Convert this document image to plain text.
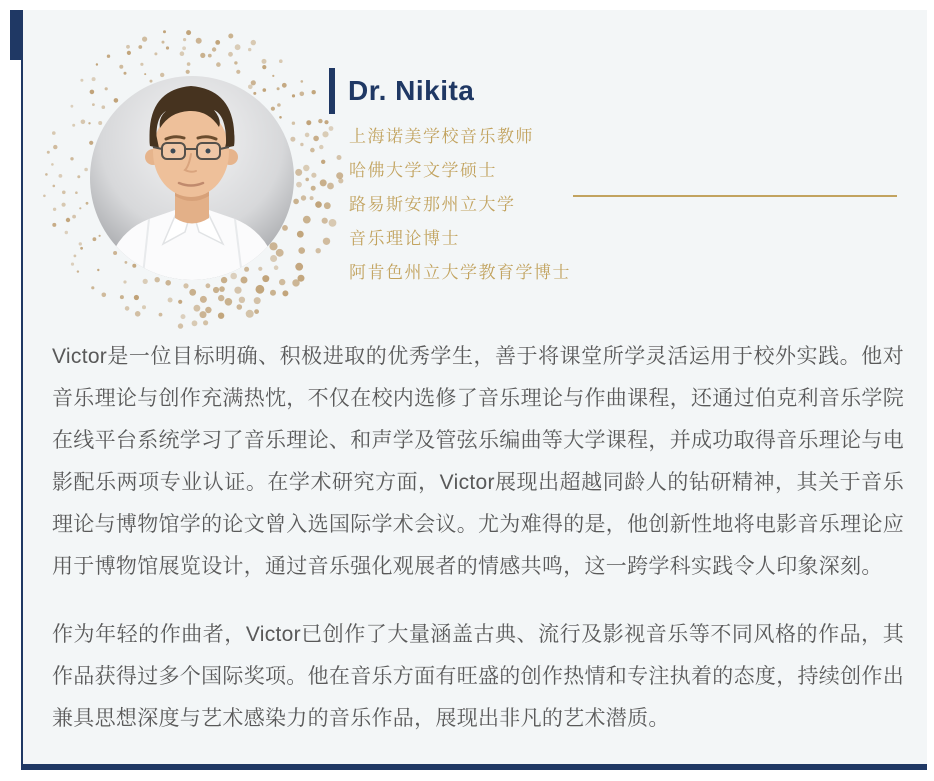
Dr. Nikita
上海诺美学校音乐教师
哈佛大学文学硕士
路易斯安那州立大学
音乐理论博士
阿肯色州立大学教育学博士

Victor是一位目标明确、积极进取的优秀学生，善于将课堂所学灵活运用于校外实践。他对音乐理论与创作充满热忱，不仅在校内选修了音乐理论与作曲课程，还通过伯克利音乐学院在线平台系统学习了音乐理论、和声学及管弦乐编曲等大学课程，并成功取得音乐理论与电影配乐两项专业认证。在学术研究方面，Victor展现出超越同龄人的钻研精神，其关于音乐理论与博物馆学的论文曾入选国际学术会议。尤为难得的是，他创新性地将电影音乐理论应用于博物馆展览设计，通过音乐强化观展者的情感共鸣，这一跨学科实践令人印象深刻。

作为年轻的作曲者，Victor已创作了大量涵盖古典、流行及影视音乐等不同风格的作品，其作品获得过多个国际奖项。他在音乐方面有旺盛的创作热情和专注执着的态度，持续创作出兼具思想深度与艺术感染力的音乐作品，展现出非凡的艺术潜质。
